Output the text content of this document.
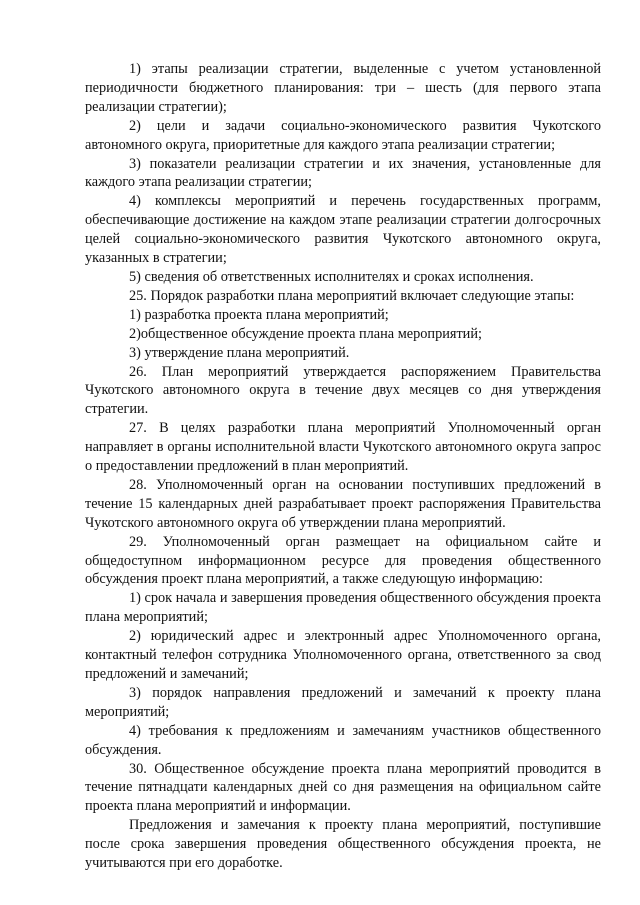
1) этапы реализации стратегии, выделенные с учетом установленной периодичности бюджетного планирования: три – шесть (для первого этапа реализации стратегии);

2) цели и задачи социально-экономического развития Чукотского автономного округа, приоритетные для каждого этапа реализации стратегии;

3) показатели реализации стратегии и их значения, установленные для каждого этапа реализации стратегии;

4) комплексы мероприятий и перечень государственных программ, обеспечивающие достижение на каждом этапе реализации стратегии долгосрочных целей социально-экономического развития Чукотского автономного округа, указанных в стратегии;

5) сведения об ответственных исполнителях и сроках исполнения.

25. Порядок разработки плана мероприятий включает следующие этапы:

1) разработка проекта плана мероприятий;

2)общественное обсуждение проекта плана мероприятий;

3) утверждение плана мероприятий.

26. План мероприятий утверждается распоряжением Правительства Чукотского автономного округа в течение двух месяцев со дня утверждения стратегии.

27. В целях разработки плана мероприятий Уполномоченный орган направляет в органы исполнительной власти Чукотского автономного округа запрос о предоставлении предложений в план мероприятий.

28. Уполномоченный орган на основании поступивших предложений в течение 15 календарных дней разрабатывает проект распоряжения Правительства Чукотского автономного округа об утверждении плана мероприятий.

29. Уполномоченный орган размещает на официальном сайте и общедоступном информационном ресурсе для проведения общественного обсуждения проект плана мероприятий, а также следующую информацию:

1) срок начала и завершения проведения общественного обсуждения проекта плана мероприятий;

2) юридический адрес и электронный адрес Уполномоченного органа, контактный телефон сотрудника Уполномоченного органа, ответственного за свод предложений и замечаний;

3) порядок направления предложений и замечаний к проекту плана мероприятий;

4) требования к предложениям и замечаниям участников общественного обсуждения.

30. Общественное обсуждение проекта плана мероприятий проводится в течение пятнадцати календарных дней со дня размещения на официальном сайте проекта плана мероприятий и информации.

Предложения и замечания к проекту плана мероприятий, поступившие после срока завершения проведения общественного обсуждения проекта, не учитываются при его доработке.
